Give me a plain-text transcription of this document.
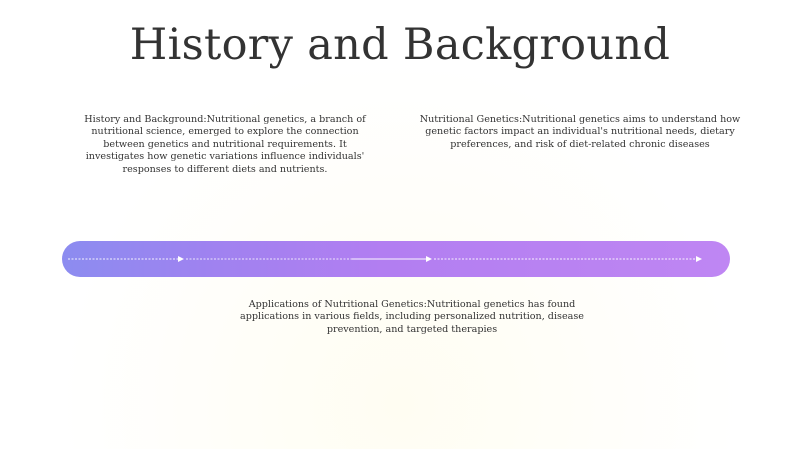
History and Background

History and Background:Nutritional genetics, a branch of nutritional science, emerged to explore the connection between genetics and nutritional requirements. It investigates how genetic variations influence individuals' responses to different diets and nutrients.

Nutritional Genetics:Nutritional genetics aims to understand how genetic factors impact an individual's nutritional needs, dietary preferences, and risk of diet-related chronic diseases

Applications of Nutritional Genetics:Nutritional genetics has found applications in various fields, including personalized nutrition, disease prevention, and targeted therapies
